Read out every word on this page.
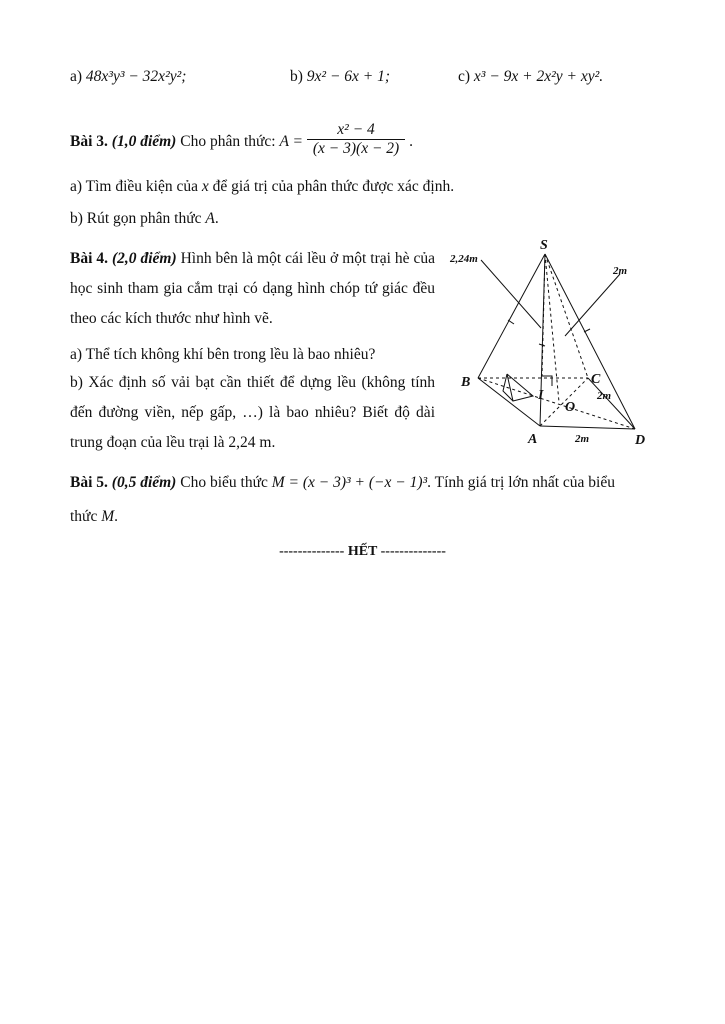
a) 48x³y³ − 32x²y²;	b) 9x² − 6x + 1;	c) x³ − 9x + 2x²y + xy².
Bài 3. (1,0 điểm) Cho phân thức: $A = \frac{\text{x² − 4}}{(x - 3)(x - 2)}$ .
a) Tìm điều kiện của x để giá trị của phân thức được xác định.
b) Rút gọn phân thức A.
Bài 4. (2,0 điểm) Hình bên là một cái lều ở một trại hè của học sinh tham gia cắm trại có dạng hình chóp tứ giác đều theo các kích thước như hình vẽ.
a) Thể tích không khí bên trong lều là bao nhiêu?
b) Xác định số vải bạt cần thiết để dựng lều (không tính đến đường viền, nếp gấp, …) là bao nhiêu? Biết độ dài trung đoạn của lều trại là 2,24 m.
S
B	C
A	D
I
O
2,24m
2m
2m
2m
Bài 5. (0,5 điểm) Cho biểu thức M = (x − 3)³ + (−x − 1)³. Tính giá trị lớn nhất của biểu
thức M.
-------------- HẾT --------------
